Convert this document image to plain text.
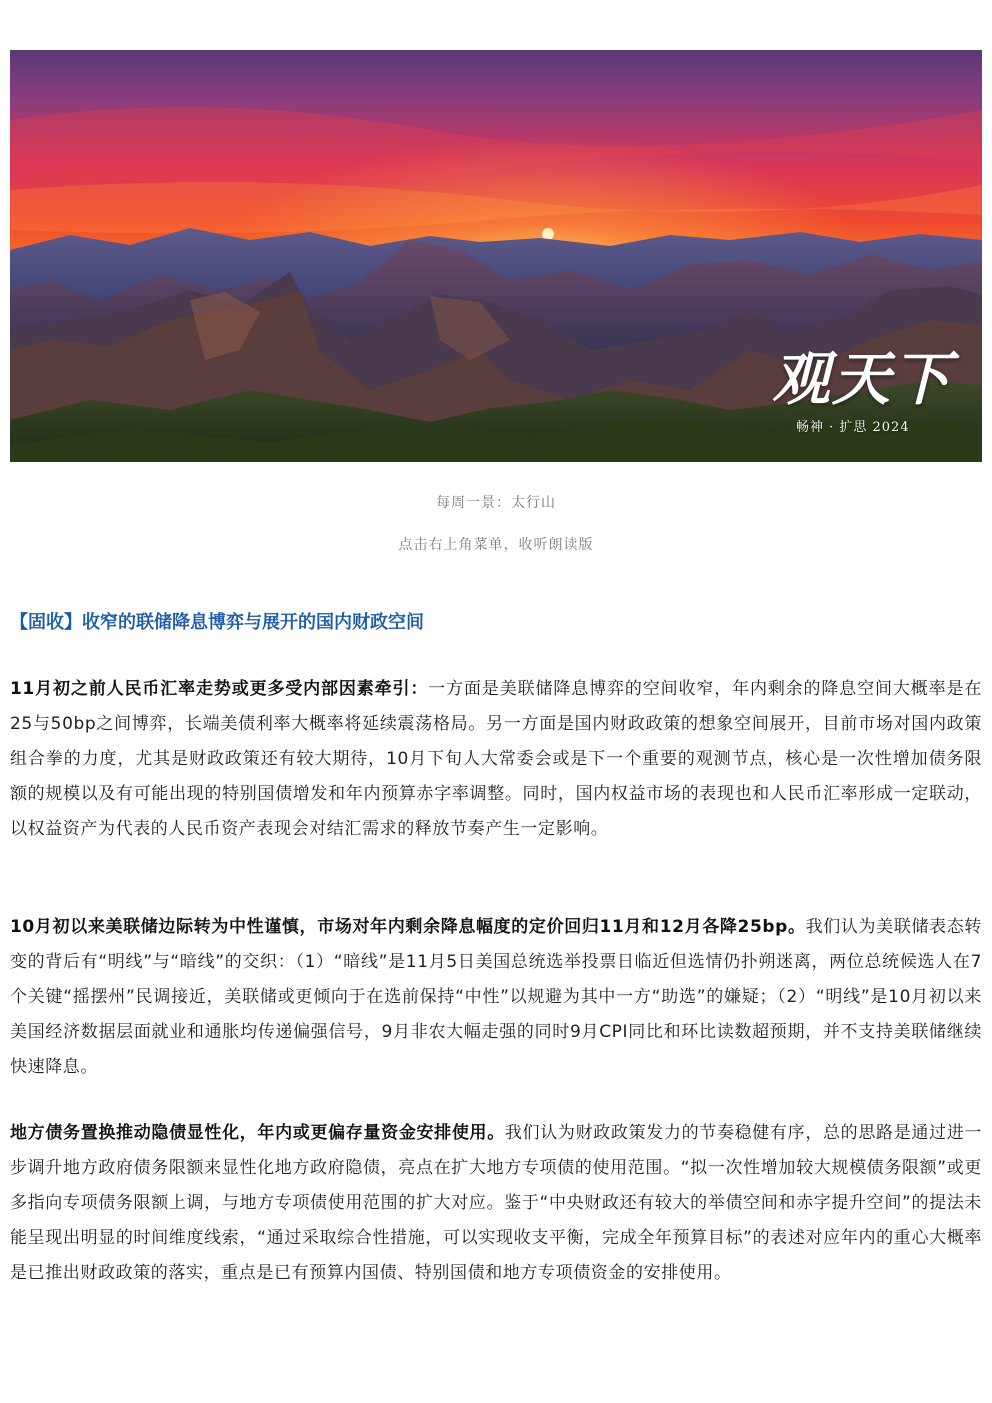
观天下
畅神 · 扩思 2024
每周一景：太行山
点击右上角菜单，收听朗读版
【固收】收窄的联储降息博弈与展开的国内财政空间

11月初之前人民币汇率走势或更多受内部因素牵引：一方面是美联储降息博弈的空间收窄，年内剩余的降息空间大概率是在25与50bp之间博弈，长端美债利率大概率将延续震荡格局。另一方面是国内财政政策的想象空间展开，目前市场对国内政策组合拳的力度，尤其是财政政策还有较大期待，10月下旬人大常委会或是下一个重要的观测节点，核心是一次性增加债务限额的规模以及有可能出现的特别国债增发和年内预算赤字率调整。同时，国内权益市场的表现也和人民币汇率形成一定联动，以权益资产为代表的人民币资产表现会对结汇需求的释放节奏产生一定影响。

10月初以来美联储边际转为中性谨慎，市场对年内剩余降息幅度的定价回归11月和12月各降25bp。我们认为美联储表态转变的背后有“明线”与“暗线”的交织：（1）“暗线”是11月5日美国总统选举投票日临近但选情仍扑朔迷离，两位总统候选人在7个关键“摇摆州”民调接近，美联储或更倾向于在选前保持“中性”以规避为其中一方“助选”的嫌疑；（2）“明线”是10月初以来美国经济数据层面就业和通胀均传递偏强信号，9月非农大幅走强的同时9月CPI同比和环比读数超预期，并不支持美联储继续快速降息。

地方债务置换推动隐债显性化，年内或更偏存量资金安排使用。我们认为财政政策发力的节奏稳健有序，总的思路是通过进一步调升地方政府债务限额来显性化地方政府隐债，亮点在扩大地方专项债的使用范围。“拟一次性增加较大规模债务限额”或更多指向专项债务限额上调，与地方专项债使用范围的扩大对应。鉴于“中央财政还有较大的举债空间和赤字提升空间”的提法未能呈现出明显的时间维度线索，“通过采取综合性措施，可以实现收支平衡，完成全年预算目标”的表述对应年内的重心大概率是已推出财政政策的落实，重点是已有预算内国债、特别国债和地方专项债资金的安排使用。
